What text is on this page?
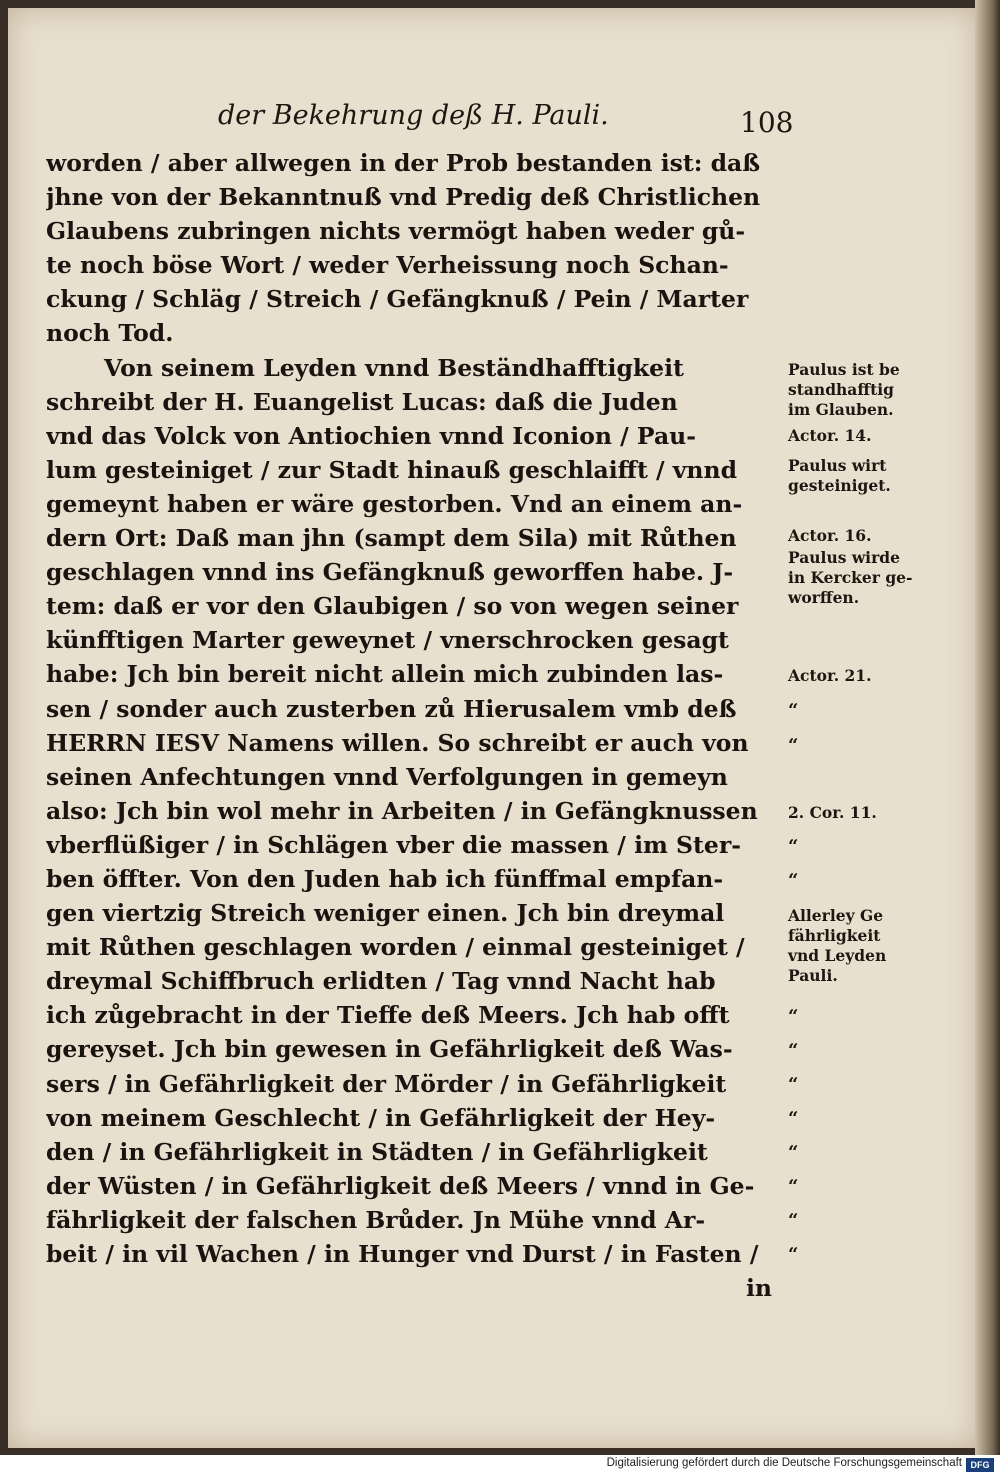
der Bekehrung deß H. Pauli.	108
worden / aber allwegen in der Prob bestanden ist: daß
jhne von der Bekanntnuß vnd Predig deß Christlichen
Glaubens zubringen nichts vermögt haben weder gů-
te noch böse Wort / weder Verheissung noch Schan-
ckung / Schläg / Streich / Gefängknuß / Pein / Marter
noch Tod.
Von seinem Leyden vnnd Beständhafftigkeit
schreibt der H. Euangelist Lucas: daß die Juden
vnd das Volck von Antiochien vnnd Iconion / Pau-
lum gesteiniget / zur Stadt hinauß geschlaifft / vnnd
gemeynt haben er wäre gestorben. Vnd an einem an-
dern Ort: Daß man jhn (sampt dem Sila) mit Růthen
geschlagen vnnd ins Gefängknuß geworffen habe. J-
tem: daß er vor den Glaubigen / so von wegen seiner
künfftigen Marter geweynet / vnerschrocken gesagt
habe: Jch bin bereit nicht allein mich zubinden las-
sen / sonder auch zusterben zů Hierusalem vmb deß
HERRN IESV Namens willen. So schreibt er auch von
seinen Anfechtungen vnnd Verfolgungen in gemeyn
also: Jch bin wol mehr in Arbeiten / in Gefängknussen
vberflüßiger / in Schlägen vber die massen / im Ster-
ben öffter. Von den Juden hab ich fünffmal empfan-
gen viertzig Streich weniger einen. Jch bin dreymal
mit Růthen geschlagen worden / einmal gesteiniget /
dreymal Schiffbruch erlidten / Tag vnnd Nacht hab
ich zůgebracht in der Tieffe deß Meers. Jch hab offt
gereyset. Jch bin gewesen in Gefährligkeit deß Was-
sers / in Gefährligkeit der Mörder / in Gefährligkeit
von meinem Geschlecht / in Gefährligkeit der Hey-
den / in Gefährligkeit in Städten / in Gefährligkeit
der Wüsten / in Gefährligkeit deß Meers / vnnd in Ge-
fährligkeit der falschen Brůder. Jn Mühe vnnd Ar-
beit / in vil Wachen / in Hunger vnd Durst / in Fasten /
in
Paulus ist be
standhafftig
im Glauben.
Actor. 14.
Paulus wirt
gesteiniget.
Actor. 16.
Paulus wirde
in Kercker ge-
worffen.
Actor. 21.
2. Cor. 11.
Allerley Ge
fährligkeit
vnd Leyden
Pauli.
“
“
“
“
“
“
“
“
“
“
“
“
Digitalisierung gefördert durch die Deutsche Forschungsgemeinschaft DFG
